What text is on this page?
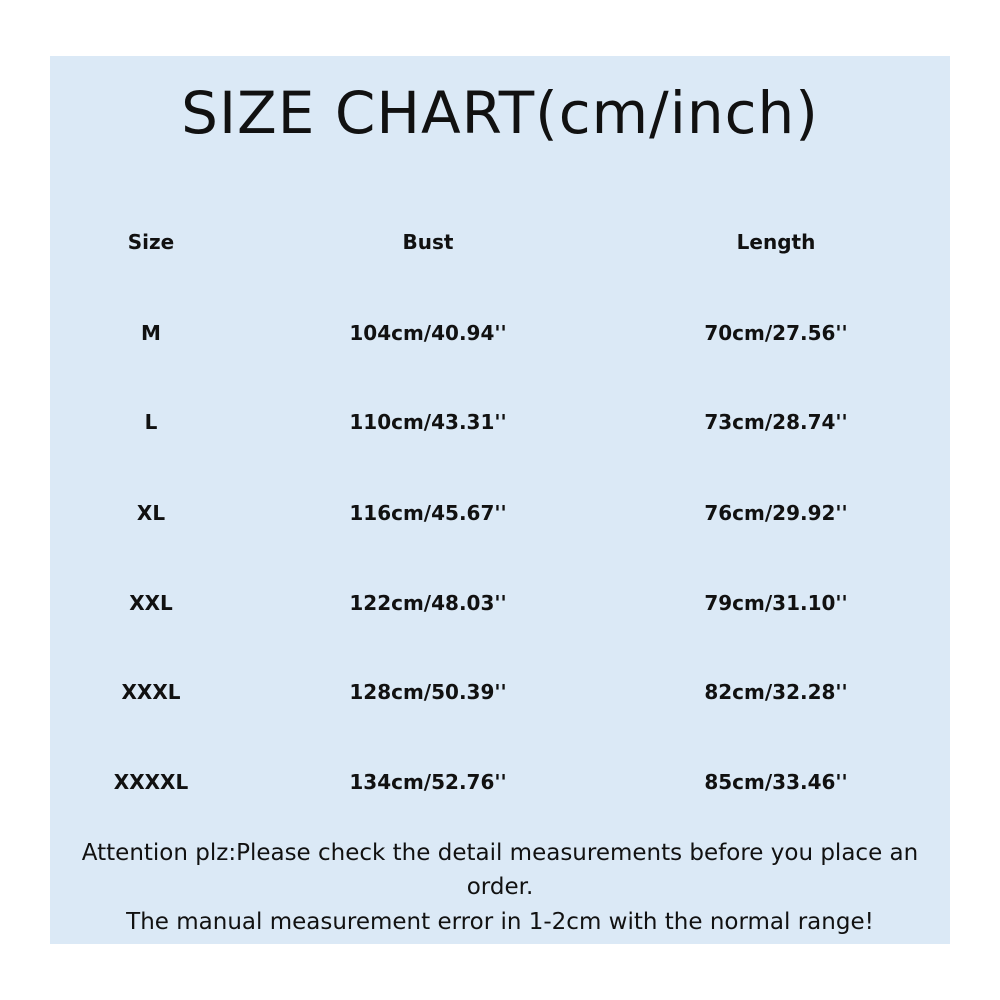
SIZE CHART(cm/inch)
Size	Bust	Length
M	104cm/40.94''	70cm/27.56''
L	110cm/43.31''	73cm/28.74''
XL	116cm/45.67''	76cm/29.92''
XXL	122cm/48.03''	79cm/31.10''
XXXL	128cm/50.39''	82cm/32.28''
XXXXL	134cm/52.76''	85cm/33.46''
Attention plz:Please check the detail measurements before you place an
order.
The manual measurement error in 1-2cm with the normal range!
